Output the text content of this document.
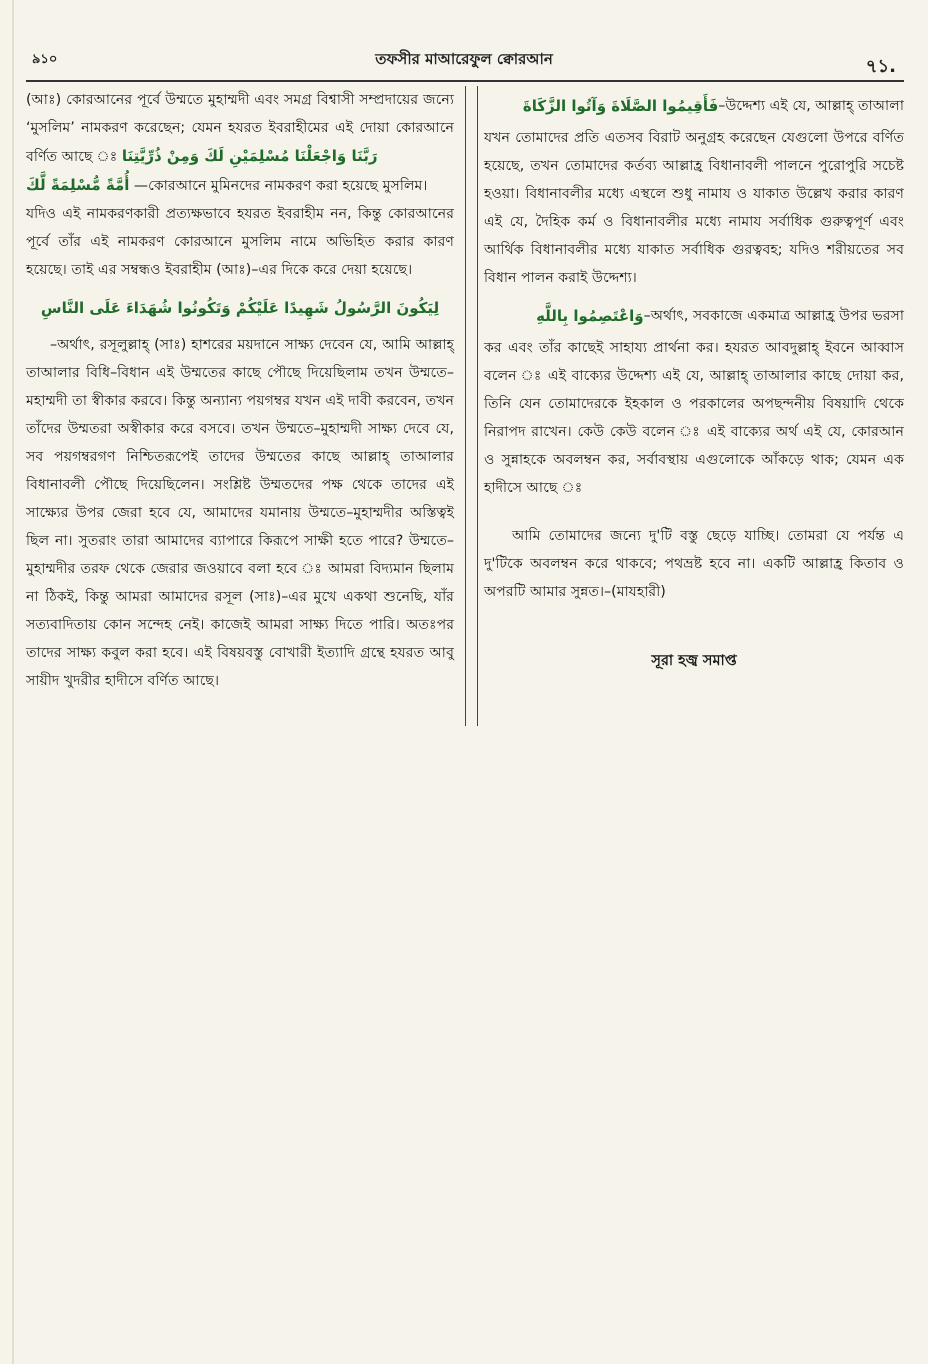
৯১০	তফসীর মাআরেফুল ক্বোরআন	৭১.

(আঃ) কোরআনের পূর্বে উম্মতে মুহাম্মদী এবং সমগ্র বিশ্বাসী সম্প্রদায়ের জন্যে ‘মুসলিম’ নামকরণ করেছেন; যেমন হযরত ইবরাহীমের এই দোয়া কোরআনে বর্ণিত আছে ঃ رَبَّنَا وَاجْعَلْنَا مُسْلِمَيْنِ لَكَ وَمِنْ ذُرِّيَّتِنَا

أُمَّةً مُّسْلِمَةً لَّكَ —কোরআনে মুমিনদের নামকরণ করা হয়েছে মুসলিম।

যদিও এই নামকরণকারী প্রত্যক্ষভাবে হযরত ইবরাহীম নন, কিন্তু কোরআনের পূর্বে তাঁর এই নামকরণ কোরআনে মুসলিম নামে অভিহিত করার কারণ হয়েছে। তাই এর সম্বন্ধও ইবরাহীম (আঃ)–এর দিকে করে দেয়া হয়েছে।

لِيَكُونَ الرَّسُولُ شَهِيدًا عَلَيْكُمْ وَتَكُونُوا شُهَدَاءَ عَلَى النَّاسِ

–অর্থাৎ, রসূলুল্লাহ্ (সাঃ) হাশরের ময়দানে সাক্ষ্য দেবেন যে, আমি আল্লাহ্ তাআলার বিধি–বিধান এই উম্মতের কাছে পৌছে দিয়েছিলাম তখন উম্মতে–মহাম্মদী তা স্বীকার করবে। কিন্তু অন্যান্য পয়গম্বর যখন এই দাবী করবেন, তখন তাঁদের উম্মতরা অস্বীকার করে বসবে। তখন উম্মতে–মুহাম্মদী সাক্ষ্য দেবে যে, সব পয়গম্বরগণ নিশ্চিতরূপেই তাদের উম্মতের কাছে আল্লাহ্ তাআলার বিধানাবলী পৌছে দিয়েছিলেন। সংশ্লিষ্ট উম্মতদের পক্ষ থেকে তাদের এই সাক্ষ্যের উপর জেরা হবে যে, আমাদের যমানায় উম্মতে–মুহাম্মদীর অস্তিত্বই ছিল না। সুতরাং তারা আমাদের ব্যাপারে কিরূপে সাক্ষী হতে পারে? উম্মতে–মুহাম্মদীর তরফ থেকে জেরার জওয়াবে বলা হবে ঃ আমরা বিদ্যমান ছিলাম না ঠিকই, কিন্তু আমরা আমাদের রসূল (সাঃ)–এর মুখে একথা শুনেছি, যাঁর সত্যবাদিতায় কোন সন্দেহ নেই। কাজেই আমরা সাক্ষ্য দিতে পারি। অতঃপর তাদের সাক্ষ্য কবুল করা হবে। এই বিষয়বস্তু বোখারী ইত্যাদি গ্রন্থে হযরত আবু সায়ীদ খুদরীর হাদীসে বর্ণিত আছে।

–উদ্দেশ্য এই যে, আল্লাহ্ তাআলা
فَأَقِيمُوا الصَّلَاةَ وَآتُوا الزَّكَاةَ

যখন তোমাদের প্রতি এতসব বিরাট অনুগ্রহ করেছেন যেগুলো উপরে বর্ণিত হয়েছে, তখন তোমাদের কর্তব্য আল্লাহ্র বিধানাবলী পালনে পুরোপুরি সচেষ্ট হওয়া। বিধানাবলীর মধ্যে এস্থলে শুধু নামায ও যাকাত উল্লেখ করার কারণ এই যে, দৈহিক কর্ম ও বিধানাবলীর মধ্যে নামায সর্বাধিক গুরুত্বপূর্ণ এবং আর্থিক বিধানাবলীর মধ্যে যাকাত সর্বাধিক গুরত্ববহ; যদিও শরীয়তের সব বিধান পালন করাই উদ্দেশ্য।

–অর্থাৎ, সবকাজে একমাত্র আল্লাহ্র উপর ভরসা
وَاعْتَصِمُوا بِاللَّهِ

কর এবং তাঁর কাছেই সাহায্য প্রার্থনা কর। হযরত আবদুল্লাহ্ ইবনে আব্বাস বলেন ঃ এই বাক্যের উদ্দেশ্য এই যে, আল্লাহ্ তাআলার কাছে দোয়া কর, তিনি যেন তোমাদেরকে ইহকাল ও পরকালের অপছন্দনীয় বিষয়াদি থেকে নিরাপদ রাখেন। কেউ কেউ বলেন ঃ এই বাক্যের অর্থ এই যে, কোরআন ও সুন্নাহকে অবলম্বন কর, সর্বাবস্থায় এগুলোকে আঁকড়ে থাক; যেমন এক হাদীসে আছে ঃ

আমি তোমাদের জন্যে দু'টি বস্তু ছেড়ে যাচ্ছি। তোমরা যে পর্যন্ত এ দু'টিকে অবলম্বন করে থাকবে; পথভ্রষ্ট হবে না। একটি আল্লাহ্র কিতাব ও অপরটি আমার সুন্নত।–(মাযহারী)

সূরা হজ্ব সমাপ্ত
